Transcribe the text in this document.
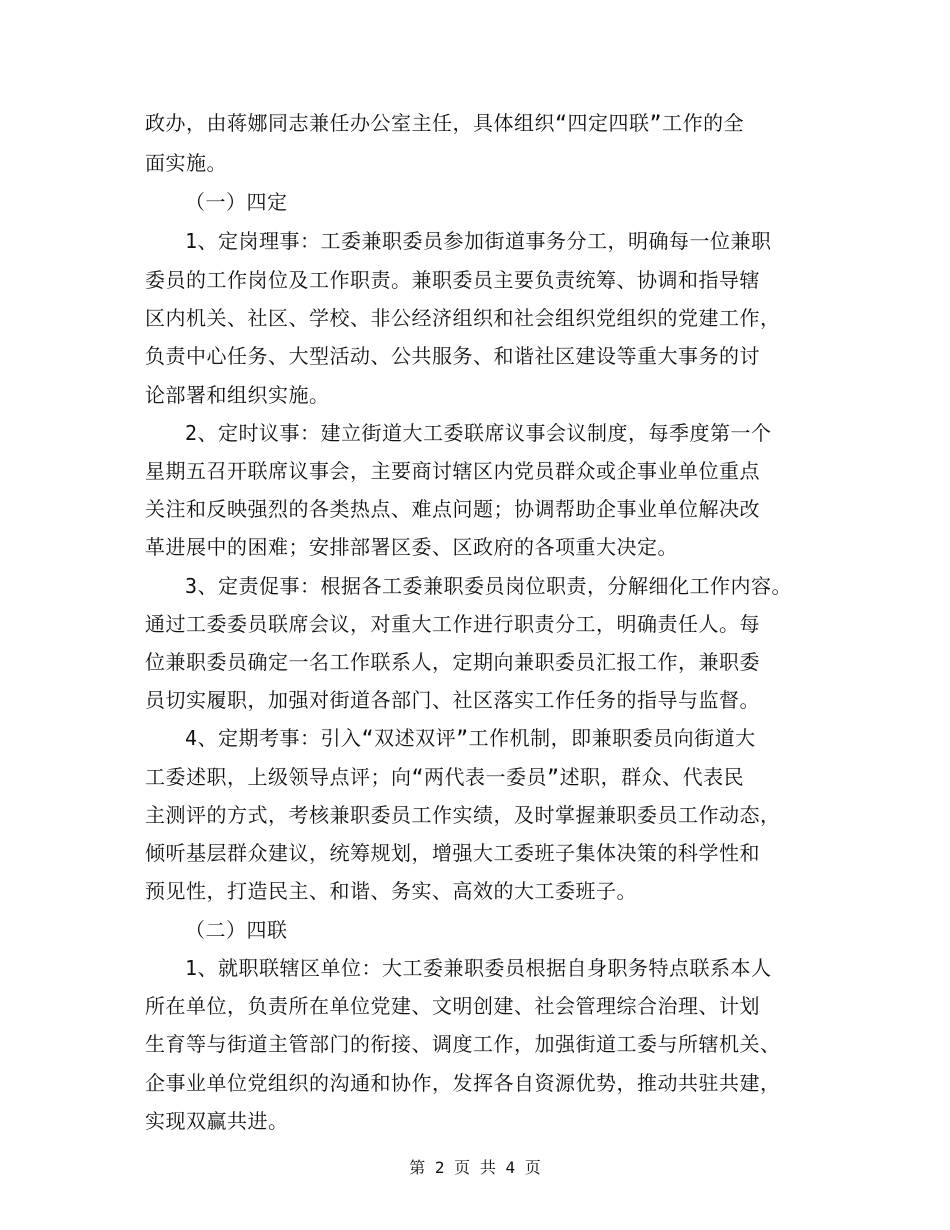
政办，由蒋娜同志兼任办公室主任，具体组织“四定四联”工作的全
面实施。
（一）四定
1、定岗理事：工委兼职委员参加街道事务分工，明确每一位兼职
委员的工作岗位及工作职责。兼职委员主要负责统筹、协调和指导辖
区内机关、社区、学校、非公经济组织和社会组织党组织的党建工作，
负责中心任务、大型活动、公共服务、和谐社区建设等重大事务的讨
论部署和组织实施。
2、定时议事：建立街道大工委联席议事会议制度，每季度第一个
星期五召开联席议事会，主要商讨辖区内党员群众或企事业单位重点
关注和反映强烈的各类热点、难点问题；协调帮助企事业单位解决改
革进展中的困难；安排部署区委、区政府的各项重大决定。
3、定责促事：根据各工委兼职委员岗位职责，分解细化工作内容。
通过工委委员联席会议，对重大工作进行职责分工，明确责任人。每
位兼职委员确定一名工作联系人，定期向兼职委员汇报工作，兼职委
员切实履职，加强对街道各部门、社区落实工作任务的指导与监督。
4、定期考事：引入“双述双评”工作机制，即兼职委员向街道大
工委述职，上级领导点评；向“两代表一委员”述职，群众、代表民
主测评的方式，考核兼职委员工作实绩，及时掌握兼职委员工作动态，
倾听基层群众建议，统筹规划，增强大工委班子集体决策的科学性和
预见性，打造民主、和谐、务实、高效的大工委班子。
（二）四联
1、就职联辖区单位：大工委兼职委员根据自身职务特点联系本人
所在单位，负责所在单位党建、文明创建、社会管理综合治理、计划
生育等与街道主管部门的衔接、调度工作，加强街道工委与所辖机关、
企事业单位党组织的沟通和协作，发挥各自资源优势，推动共驻共建，
实现双赢共进。
第 2 页 共 4 页
